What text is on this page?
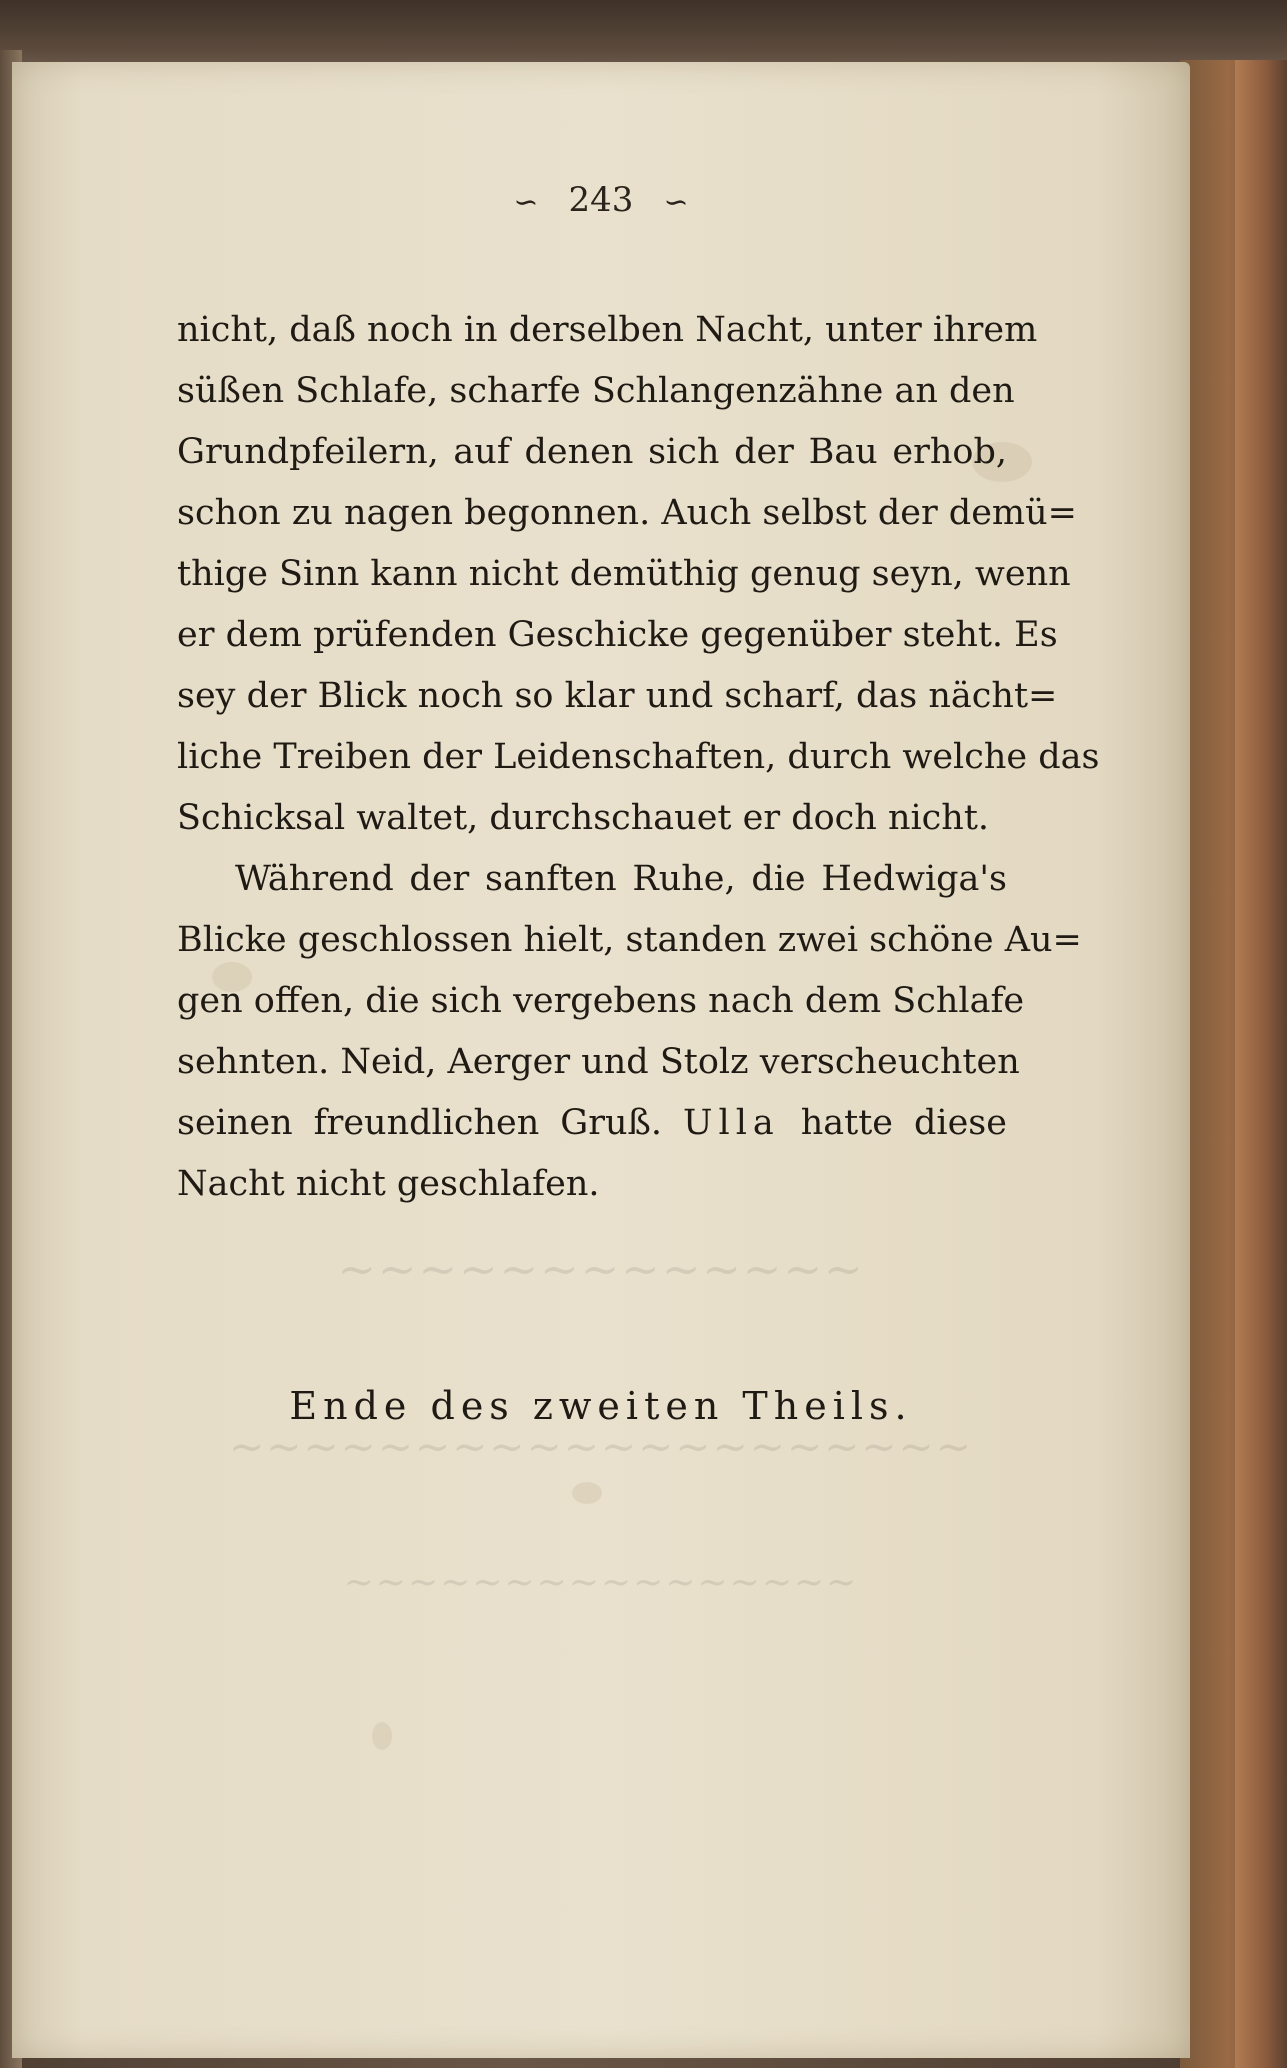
~~~~~~~~~~~~~
~~~~~~~~~~~~~~~~~~~~
~~~~~~~~~~~~~~~~
∽ 243 ∽
nicht, daß noch in derselben Nacht, unter ihrem
süßen Schlafe, scharfe Schlangenzähne an den
Grundpfeilern, auf denen sich der Bau erhob,
schon zu nagen begonnen. Auch selbst der demü=
thige Sinn kann nicht demüthig genug seyn, wenn
er dem prüfenden Geschicke gegenüber steht. Es
sey der Blick noch so klar und scharf, das nächt=
liche Treiben der Leidenschaften, durch welche das
Schicksal waltet, durchschauet er doch nicht.
Während der sanften Ruhe, die Hedwiga's
Blicke geschlossen hielt, standen zwei schöne Au=
gen offen, die sich vergebens nach dem Schlafe
sehnten. Neid, Aerger und Stolz verscheuchten
seinen freundlichen Gruß. Ulla hatte diese
Nacht nicht geschlafen.
Ende des zweiten Theils.
